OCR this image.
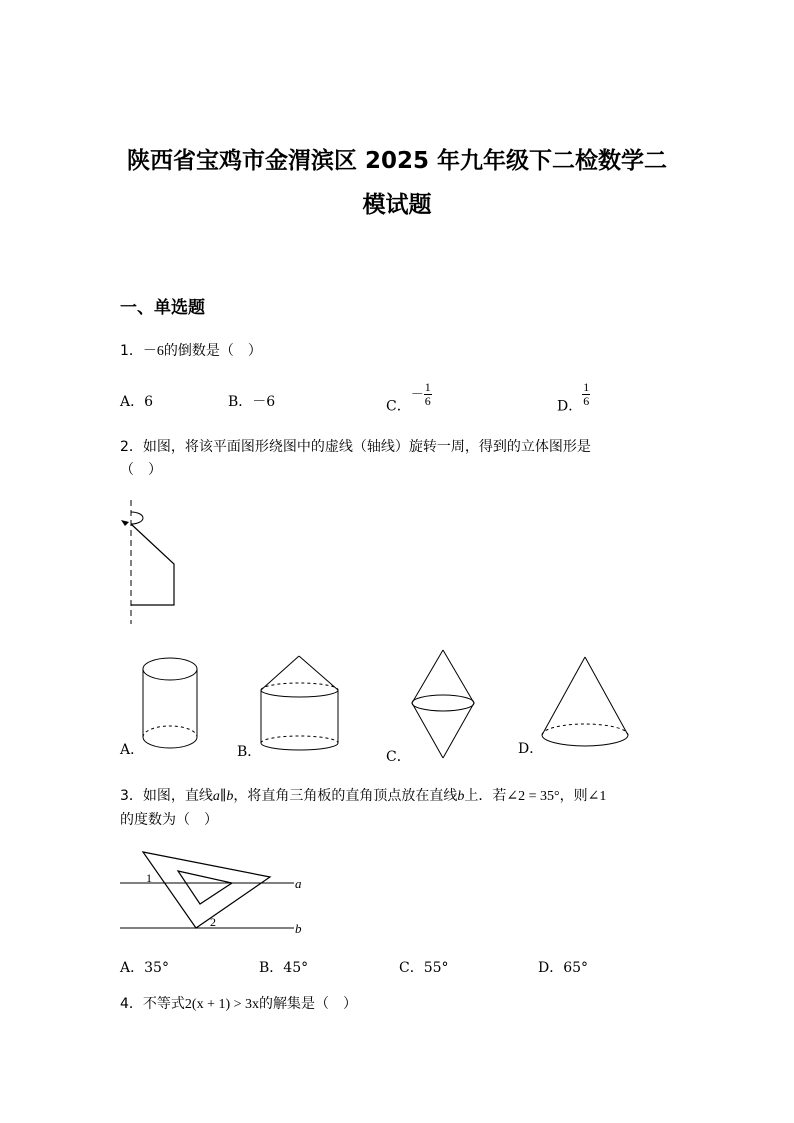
陕西省宝鸡市金渭滨区 2025 年九年级下二检数学二
模试题
一、单选题
1．－6的倒数是（　）
A．6	B．－6	C．－ $\frac{1}{6}$	D． $\frac{1}{6}$
2．如图，将该平面图形绕图中的虚线（轴线）旋转一周，得到的立体图形是
（　）
A．	B．	C．	D．
3．如图，直线a∥b，将直角三角板的直角顶点放在直线b上．若∠2 = 35°，则∠1
的度数为（　）
1
2
a
b
A．35°	B．45°	C．55°	D．65°
4．不等式2(x + 1) > 3x的解集是（　）
